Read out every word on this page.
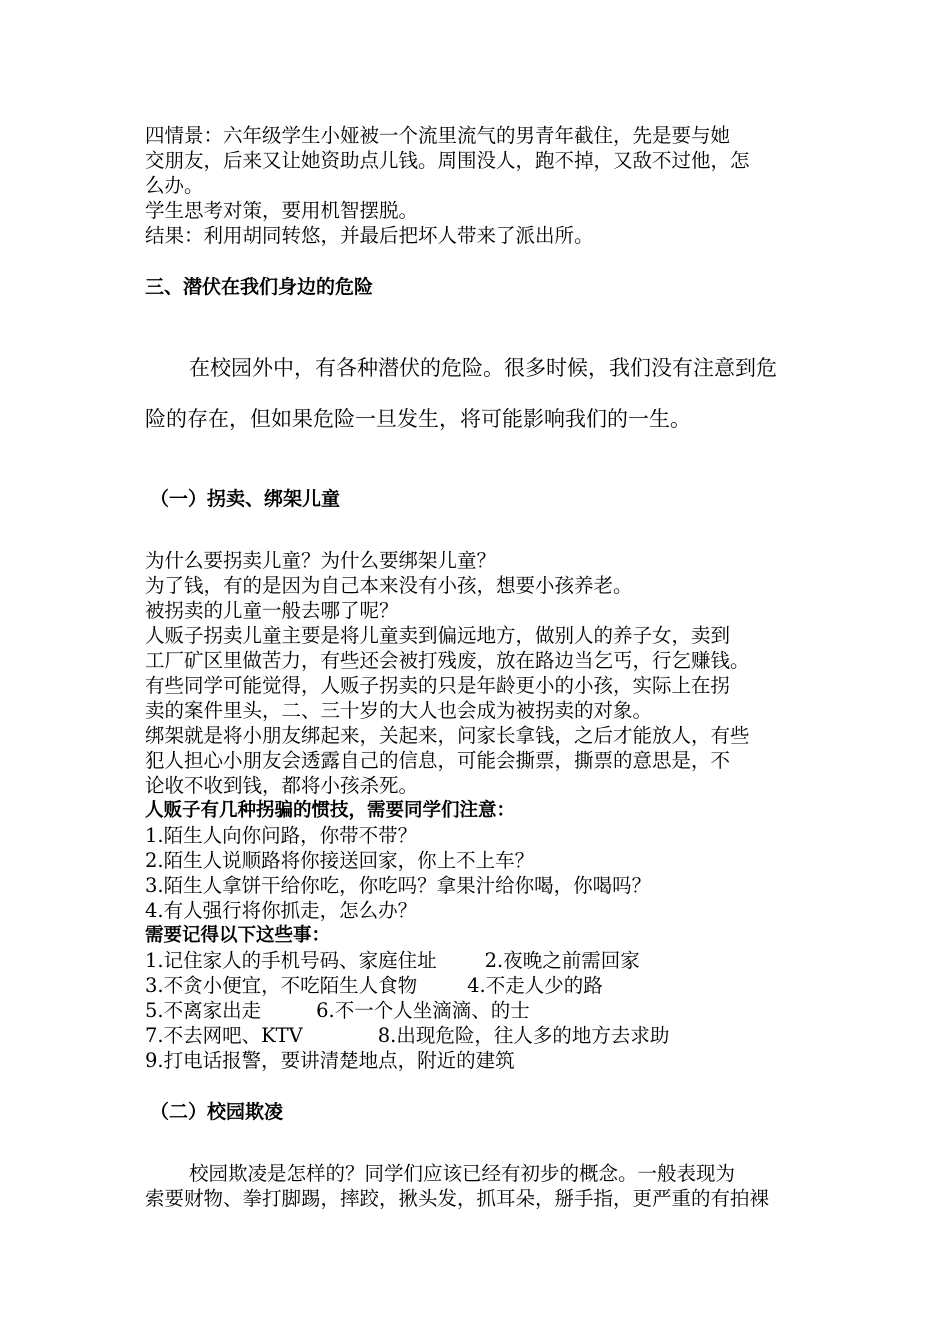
四情景：六年级学生小娅被一个流里流气的男青年截住，先是要与她
交朋友，后来又让她资助点儿钱。周围没人，跑不掉，又敌不过他，怎
么办。
学生思考对策，要用机智摆脱。
结果：利用胡同转悠，并最后把坏人带来了派出所。
三、潜伏在我们身边的危险
在校园外中，有各种潜伏的危险。很多时候，我们没有注意到危
险的存在，但如果危险一旦发生，将可能影响我们的一生。
（一）拐卖、绑架儿童
为什么要拐卖儿童？为什么要绑架儿童？
为了钱，有的是因为自己本来没有小孩，想要小孩养老。
被拐卖的儿童一般去哪了呢？
人贩子拐卖儿童主要是将儿童卖到偏远地方，做别人的养子女，卖到
工厂矿区里做苦力，有些还会被打残废，放在路边当乞丐，行乞赚钱。
有些同学可能觉得，人贩子拐卖的只是年龄更小的小孩，实际上在拐
卖的案件里头，二、三十岁的大人也会成为被拐卖的对象。
绑架就是将小朋友绑起来，关起来，问家长拿钱，之后才能放人，有些
犯人担心小朋友会透露自己的信息，可能会撕票，撕票的意思是，不
论收不收到钱，都将小孩杀死。
人贩子有几种拐骗的惯技，需要同学们注意：
1.陌生人向你问路，你带不带？
2.陌生人说顺路将你接送回家，你上不上车？
3.陌生人拿饼干给你吃，你吃吗？拿果汁给你喝，你喝吗？
4.有人强行将你抓走，怎么办？
需要记得以下这些事：
1.记住家人的手机号码、家庭住址 2.夜晚之前需回家
3.不贪小便宜，不吃陌生人食物	4.不走人少的路
5.不离家出走	6.不一个人坐滴滴、的士
7.不去网吧、KTV	8.出现危险，往人多的地方去求助
9.打电话报警，要讲清楚地点，附近的建筑
（二）校园欺凌
校园欺凌是怎样的？同学们应该已经有初步的概念。一般表现为
索要财物、拳打脚踢，摔跤，揪头发，抓耳朵，掰手指，更严重的有拍裸
